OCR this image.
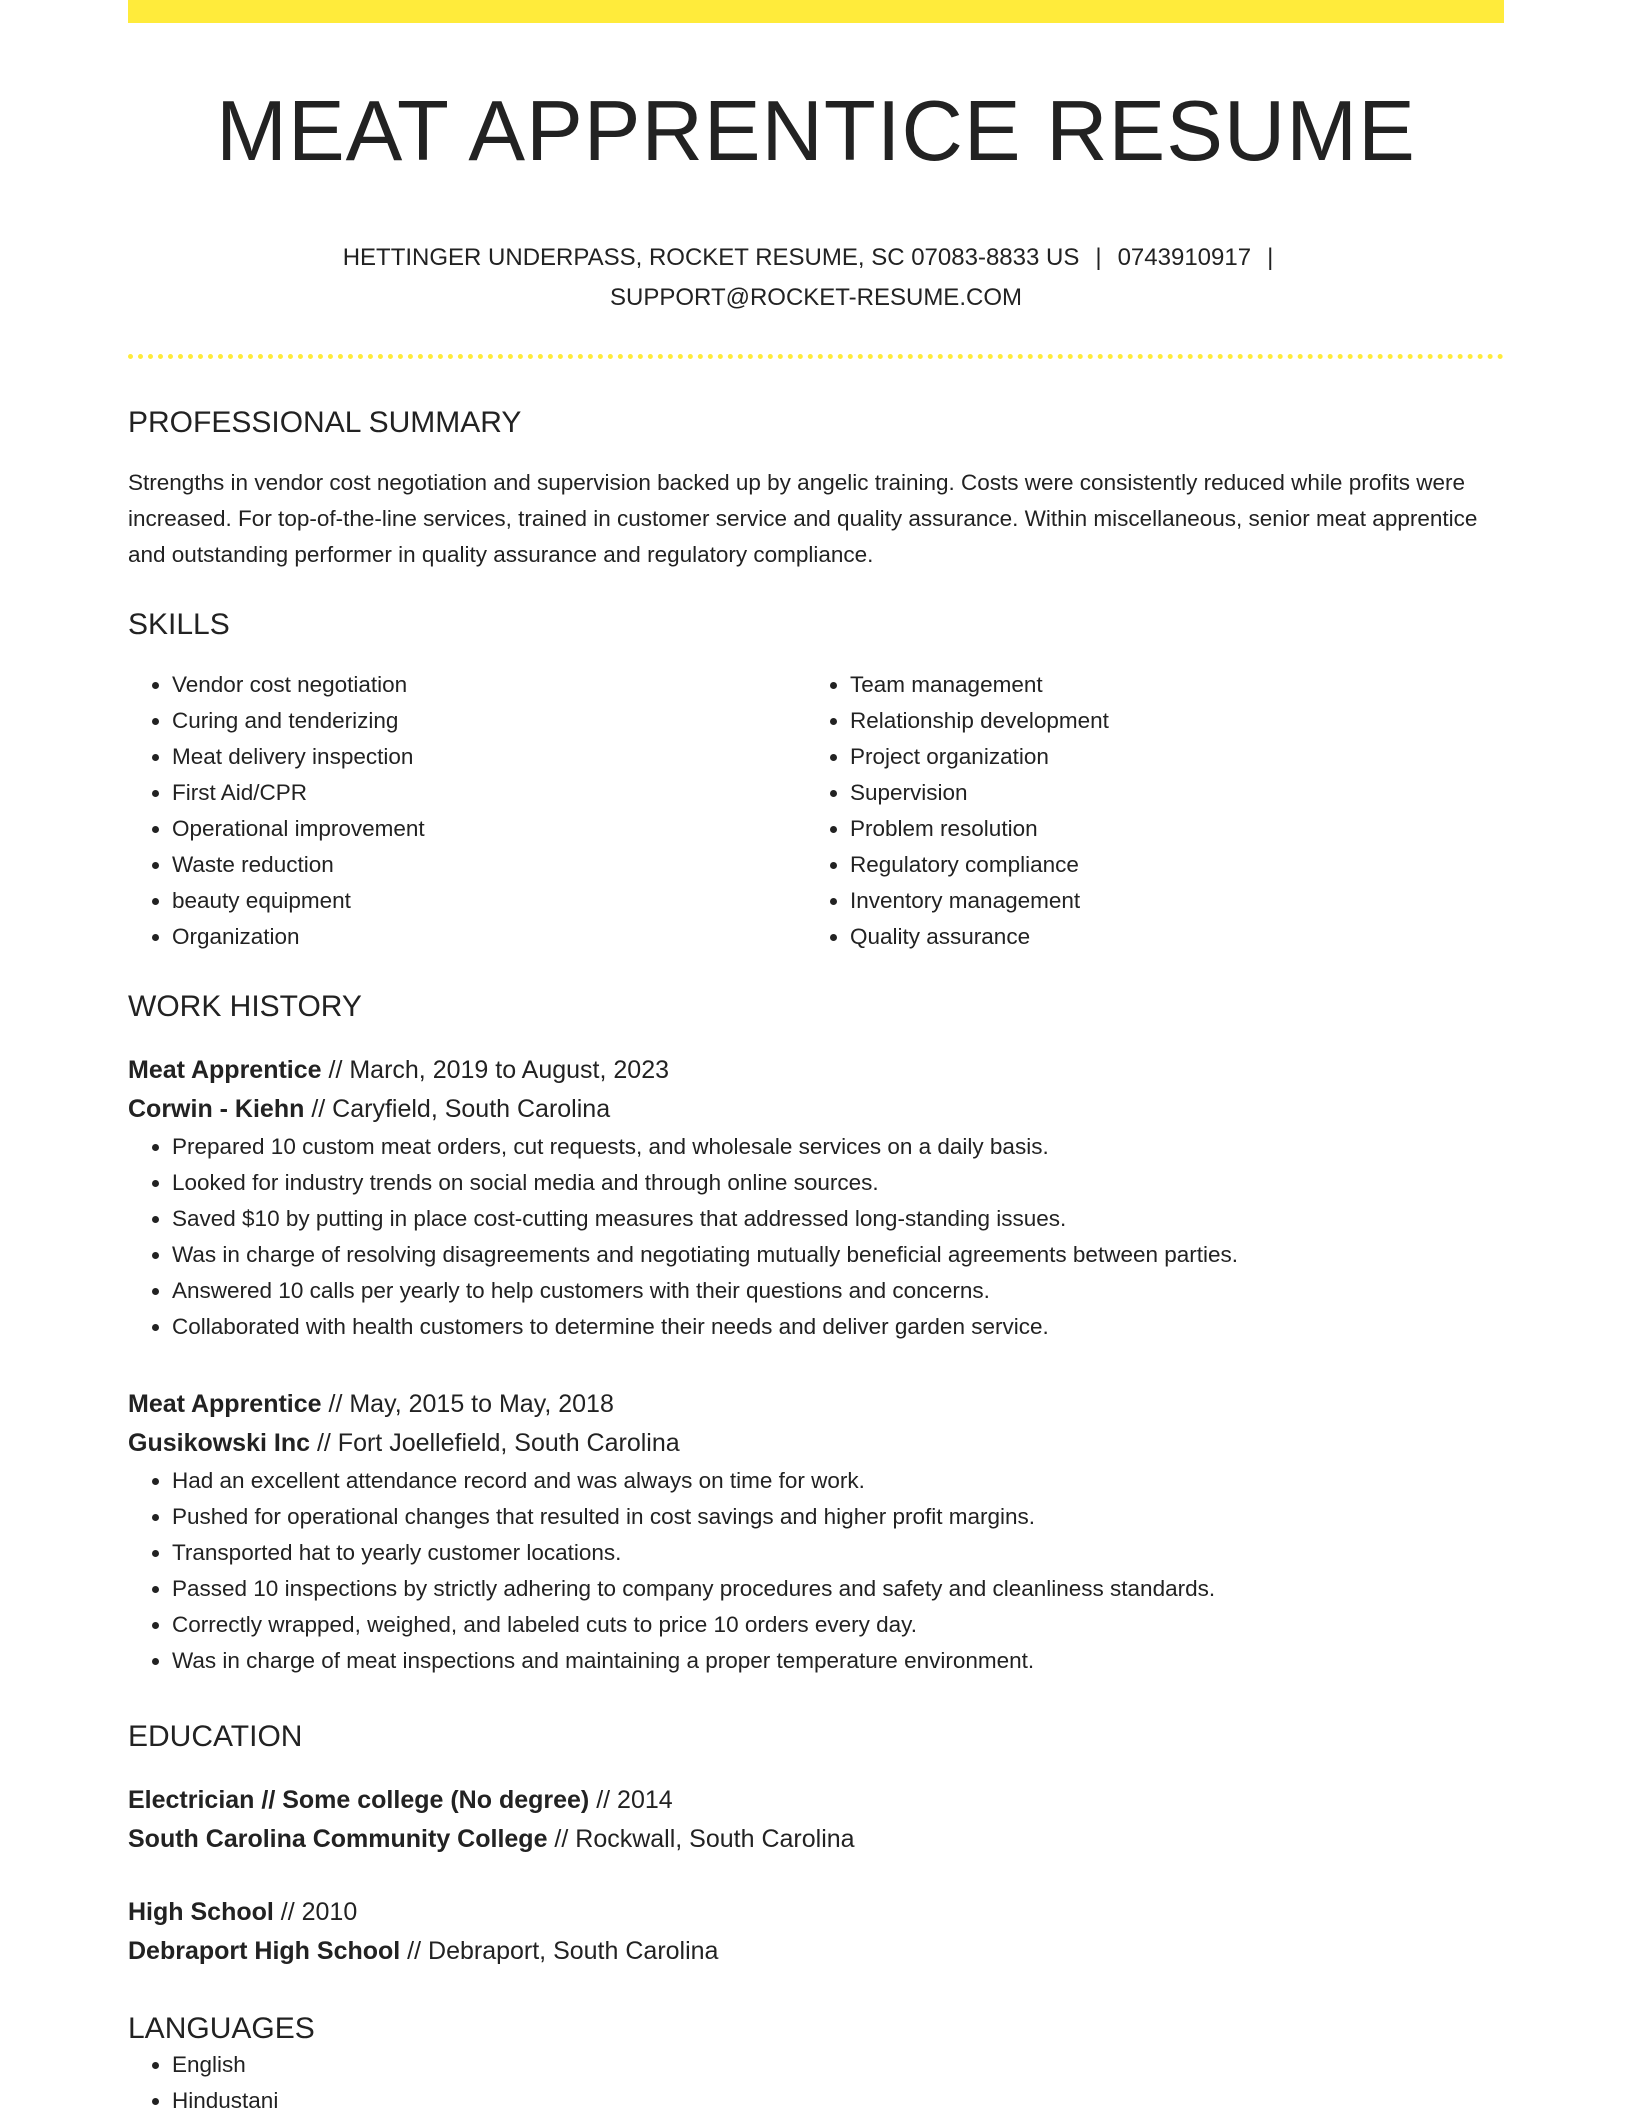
MEAT APPRENTICE RESUME
HETTINGER UNDERPASS, ROCKET RESUME, SC 07083-8833 US | 0743910917 |
SUPPORT@ROCKET-RESUME.COM
PROFESSIONAL SUMMARY

Strengths in vendor cost negotiation and supervision backed up by angelic training. Costs were consistently reduced while profits were increased. For top-of-the-line services, trained in customer service and quality assurance. Within miscellaneous, senior meat apprentice and outstanding performer in quality assurance and regulatory compliance.

SKILLS
• Vendor cost negotiation
• Curing and tenderizing
• Meat delivery inspection
• First Aid/CPR
• Operational improvement
• Waste reduction
• beauty equipment
• Organization
• Team management
• Relationship development
• Project organization
• Supervision
• Problem resolution
• Regulatory compliance
• Inventory management
• Quality assurance
WORK HISTORY
Meat Apprentice // March, 2019 to August, 2023
Corwin - Kiehn // Caryfield, South Carolina
• Prepared 10 custom meat orders, cut requests, and wholesale services on a daily basis.
• Looked for industry trends on social media and through online sources.
• Saved $10 by putting in place cost-cutting measures that addressed long-standing issues.
• Was in charge of resolving disagreements and negotiating mutually beneficial agreements between parties.
• Answered 10 calls per yearly to help customers with their questions and concerns.
• Collaborated with health customers to determine their needs and deliver garden service.
Meat Apprentice // May, 2015 to May, 2018
Gusikowski Inc // Fort Joellefield, South Carolina
• Had an excellent attendance record and was always on time for work.
• Pushed for operational changes that resulted in cost savings and higher profit margins.
• Transported hat to yearly customer locations.
• Passed 10 inspections by strictly adhering to company procedures and safety and cleanliness standards.
• Correctly wrapped, weighed, and labeled cuts to price 10 orders every day.
• Was in charge of meat inspections and maintaining a proper temperature environment.
EDUCATION
Electrician // Some college (No degree) // 2014
South Carolina Community College // Rockwall, South Carolina
High School // 2010
Debraport High School // Debraport, South Carolina
LANGUAGES
• English
• Hindustani
